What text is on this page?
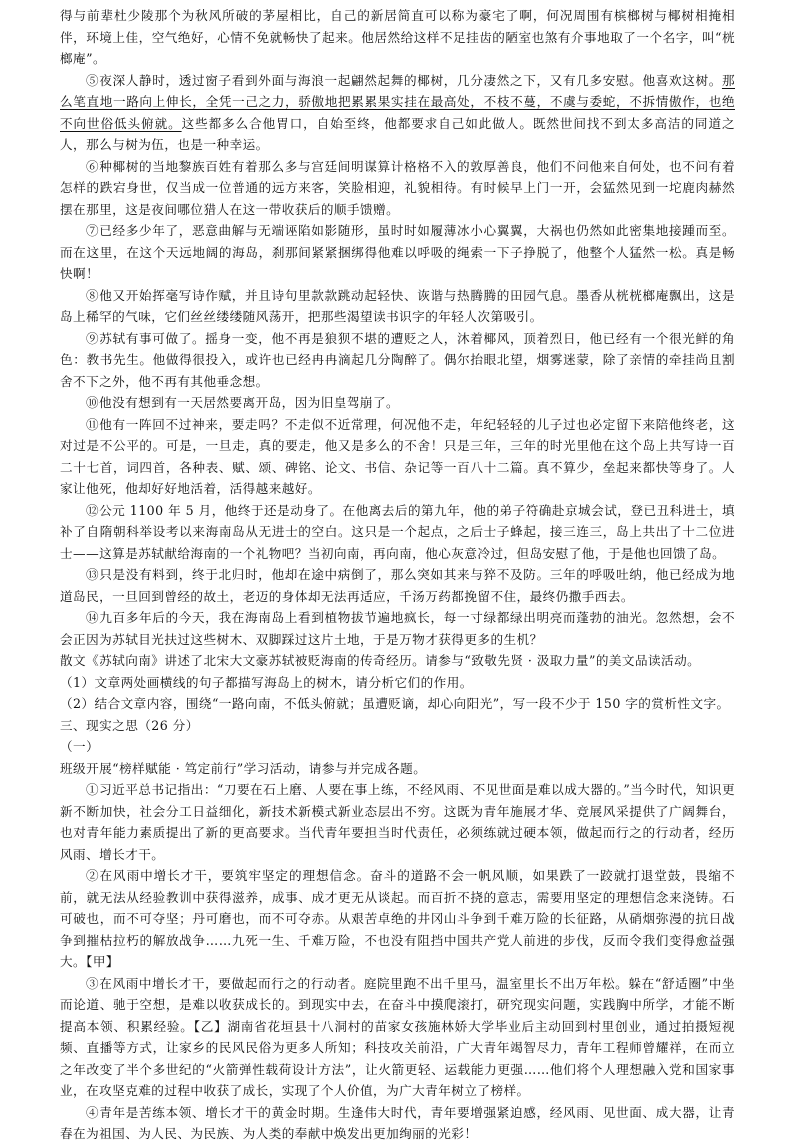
得与前辈杜少陵那个为秋风所破的茅屋相比，自己的新居简直可以称为豪宅了啊，何况周围有槟榔树与椰树相掩相伴，环境上佳，空气绝好，心情不免就畅快了起来。他居然给这样不足挂齿的陋室也煞有介事地取了一个名字，叫“桄榔庵”。

⑤夜深人静时，透过窗子看到外面与海浪一起翩然起舞的椰树，几分凄然之下，又有几多安慰。他喜欢这树。那么笔直地一路向上伸长，全凭一己之力，骄傲地把累累果实挂在最高处，不枝不蔓，不虞与委蛇，不拆情傲作，也绝不向世俗低头俯就。这些都多么合他胃口，自始至终，他都要求自己如此做人。既然世间找不到太多高洁的同道之人，那么与树为伍，也是一种幸运。

⑥种椰树的当地黎族百姓有着那么多与宫廷间明谋算计格格不入的敦厚善良，他们不问他来自何处，也不问有着怎样的跌宕身世，仅当成一位普通的远方来客，笑脸相迎，礼貌相待。有时候早上门一开，会猛然见到一坨鹿肉赫然摆在那里，这是夜间哪位猎人在这一带收获后的顺手馈赠。

⑦已经多少年了，恶意曲解与无端诬陷如影随形，虽时时如履薄冰小心翼翼，大祸也仍然如此密集地接踵而至。而在这里，在这个天远地阔的海岛，刹那间紧紧捆绑得他难以呼吸的绳索一下子挣脱了，他整个人猛然一松。真是畅快啊！

⑧他又开始挥毫写诗作赋，并且诗句里款款跳动起轻快、诙谐与热腾腾的田园气息。墨香从桄桄榔庵飘出，这是岛上稀罕的气味，它们丝丝缕缕随风荡开，把那些渴望读书识字的年轻人次第吸引。

⑨苏轼有事可做了。摇身一变，他不再是狼狈不堪的遭贬之人，沐着椰风，顶着烈日，他已经有一个很光鲜的角色：教书先生。他做得很投入，或许也已经冉冉滴起几分陶醉了。偶尔抬眼北望，烟雾迷蒙，除了亲情的牵挂尚且割舍不下之外，他不再有其他垂念想。

⑩他没有想到有一天居然要离开岛，因为旧皇驾崩了。

⑪他有一阵回不过神来，要走吗？不走似不近常理，何况他不走，年纪轻轻的儿子过也必定留下来陪他终老，这对过是不公平的。可是，一旦走，真的要走，他又是多么的不舍！只是三年，三年的时光里他在这个岛上共写诗一百二十七首，词四首，各种表、赋、颂、碑铭、论文、书信、杂记等一百八十二篇。真不算少，垒起来都快等身了。人家让他死，他却好好地活着，活得越来越好。

⑫公元 1100 年 5 月，他终于还是动身了。在他离去后的第九年，他的弟子符确赴京城会试，登已丑科进士，填补了自隋朝科举设考以来海南岛从无进士的空白。这只是一个起点，之后士子蜂起，接三连三，岛上共出了十二位进士——这算是苏轼献给海南的一个礼物吧？当初向南，再向南，他心灰意冷过，但岛安慰了他，于是他也回馈了岛。

⑬只是没有料到，终于北归时，他却在途中病倒了，那么突如其来与猝不及防。三年的呼吸吐纳，他已经成为地道岛民，一旦回到曾经的故土，老迈的身体却无法再适应，千汤万药都挽留不住，最终仍撒手西去。

⑭九百多年后的今天，我在海南岛上看到植物拔节遍地疯长，每一寸绿都绿出明亮而蓬勃的油光。忽然想，会不会正因为苏轼目光扶过这些树木、双脚踩过这片土地，于是万物才获得更多的生机？

散文《苏轼向南》讲述了北宋大文豪苏轼被贬海南的传奇经历。请参与“致敬先贤 · 汲取力量”的美文品读活动。

（1）文章两处画横线的句子都描写海岛上的树木，请分析它们的作用。

（2）结合文章内容，围绕“一路向南，不低头俯就；虽遭贬谪，却心向阳光”，写一段不少于 150 字的赏析性文字。

三、现实之思（26 分）

（一）

班级开展“榜样赋能 · 笃定前行”学习活动，请参与并完成各题。

①习近平总书记指出：“刀要在石上磨、人要在事上练，不经风雨、不见世面是难以成大器的。”当今时代，知识更新不断加快，社会分工日益细化，新技术新模式新业态层出不穷。这既为青年施展才华、竞展风采提供了广阔舞台，也对青年能力素质提出了新的更高要求。当代青年要担当时代责任，必须练就过硬本领，做起而行之的行动者，经历风雨、增长才干。

②在风雨中增长才干，要筑牢坚定的理想信念。奋斗的道路不会一帆风顺，如果跌了一跤就打退堂鼓，畏缩不前，就无法从经验教训中获得滋养，成事、成才更无从谈起。而百折不挠的意志，需要用坚定的理想信念来浇铸。石可破也，而不可夺坚；丹可磨也，而不可夺赤。从艰苦卓绝的井冈山斗争到千难万险的长征路，从硝烟弥漫的抗日战争到摧枯拉朽的解放战争……九死一生、千难万险，不也没有阻挡中国共产党人前进的步伐，反而令我们变得愈益强大。【甲】

③在风雨中增长才干，要做起而行之的行动者。庭院里跑不出千里马，温室里长不出万年松。躲在“舒适圈”中坐而论道、驰于空想，是难以收获成长的。到现实中去，在奋斗中摸爬滚打，研究现实问题，实践胸中所学，才能不断提高本领、积累经验。【乙】湖南省花垣县十八洞村的苗家女孩施林娇大学毕业后主动回到村里创业，通过拍摄短视频、直播等方式，让家乡的民风民俗为更多人所知；科技攻关前沿，广大青年竭智尽力，青年工程师曾耀祥，在而立之年改变了半个多世纪的“火箭弹性载荷设计方法”，让火箭更轻、运载能力更强……他们将个人理想融入党和国家事业，在攻坚克难的过程中收获了成长，实现了个人价值，为广大青年树立了榜样。

④青年是苦练本领、增长才干的黄金时期。生逢伟大时代，青年要增强紧迫感，经风雨、见世面、成大器，让青春在为祖国、为人民、为民族、为人类的奉献中焕发出更加绚丽的光彩！
